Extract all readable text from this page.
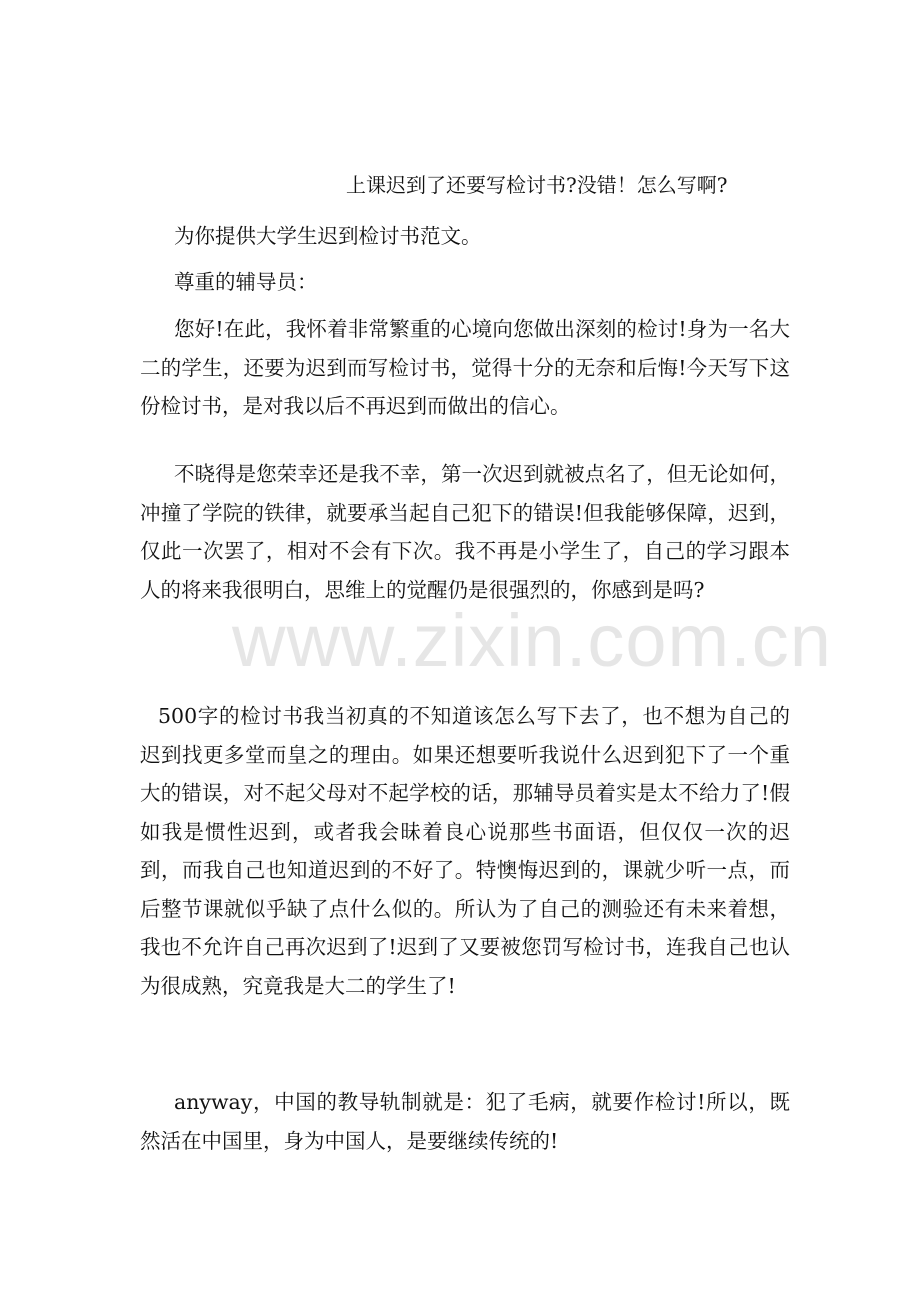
www.zixin.com.cn
上课迟到了还要写检讨书?没错！怎么写啊?

为你提供大学生迟到检讨书范文。

尊重的辅导员：

您好!在此，我怀着非常繁重的心境向您做出深刻的检讨!身为一名大二的学生，还要为迟到而写检讨书，觉得十分的无奈和后悔!今天写下这份检讨书，是对我以后不再迟到而做出的信心。

不晓得是您荣幸还是我不幸，第一次迟到就被点名了，但无论如何，冲撞了学院的铁律，就要承当起自己犯下的错误!但我能够保障，迟到，仅此一次罢了，相对不会有下次。我不再是小学生了，自己的学习跟本人的将来我很明白，思维上的觉醒仍是很强烈的，你感到是吗?

500字的检讨书我当初真的不知道该怎么写下去了，也不想为自己的迟到找更多堂而皇之的理由。如果还想要听我说什么迟到犯下了一个重大的错误，对不起父母对不起学校的话，那辅导员着实是太不给力了!假如我是惯性迟到，或者我会昧着良心说那些书面语，但仅仅一次的迟到，而我自己也知道迟到的不好了。特懊悔迟到的，课就少听一点，而后整节课就似乎缺了点什么似的。所认为了自己的测验还有未来着想，我也不允许自己再次迟到了!迟到了又要被您罚写检讨书，连我自己也认为很成熟，究竟我是大二的学生了!

anyway，中国的教导轨制就是：犯了毛病，就要作检讨!所以，既然活在中国里，身为中国人，是要继续传统的!
